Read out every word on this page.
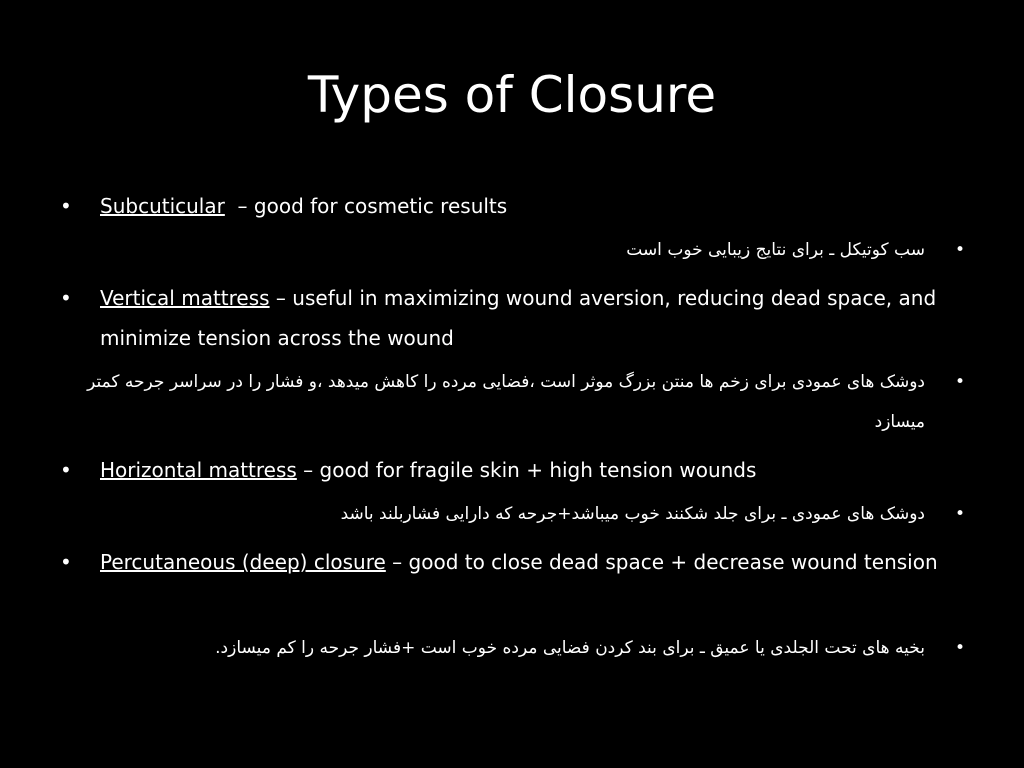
Types of Closure
• Subcuticular  – good for cosmetic results
•
سب کوتیکل ـ برای نتایج زیبایی خوب است
• Vertical mattress – useful in maximizing wound aversion, reducing dead space, and minimize tension across the wound
•
دوشک های عمودی برای زخم ها منتن بزرگ موثر است ،فضایی مرده را کاهش میدهد ،و فشار را در سراسر جرحه کمتر میسازد
• Horizontal mattress – good for fragile skin + high tension wounds
•
دوشک های عمودی ـ برای جلد شکنند خوب میباشد+جرحه که دارایی فشاربلند باشد
• Percutaneous (deep) closure – good to close dead space + decrease wound tension
•
بخیه های تحت الجلدی یا عمیق ـ برای بند کردن فضایی مرده خوب است +فشار جرحه را کم میسازد.
